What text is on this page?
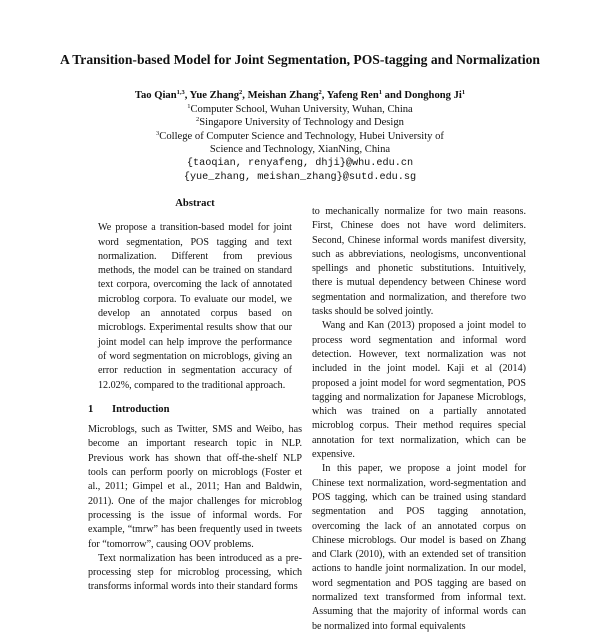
A Transition-based Model for Joint Segmentation, POS-tagging and Normalization
Tao Qian$^{1,3}$, Yue Zhang$^2$, Meishan Zhang$^2$, Yafeng Ren$^1$ and Donghong Ji$^1$
$^1$Computer School, Wuhan University, Wuhan, China
$^2$Singapore University of Technology and Design
$^3$College of Computer Science and Technology, Hubei University of
Science and Technology, XianNing, China
{taoqian, renyafeng, dhji}@whu.edu.cn
{yue_zhang, meishan_zhang}@sutd.edu.sg
Abstract

We propose a transition-based model for joint word segmentation, POS tagging and text normalization. Different from previous methods, the model can be trained on standard text corpora, overcoming the lack of annotated microblog corpora. To evaluate our model, we develop an annotated corpus based on microblogs. Experimental results show that our joint model can help improve the performance of word segmentation on microblogs, giving an error reduction in segmentation accuracy of 12.02%, compared to the traditional approach.

1 Introduction

Microblogs, such as Twitter, SMS and Weibo, has become an important research topic in NLP. Previous work has shown that off-the-shelf NLP tools can perform poorly on microblogs (Foster et al., 2011; Gimpel et al., 2011; Han and Baldwin, 2011). One of the major challenges for microblog processing is the issue of informal words. For example, “tmrw” has been frequently used in tweets for “tomorrow”, causing OOV problems.

Text normalization has been introduced as a pre-processing step for microblog processing, which transforms informal words into their standard forms

to mechanically normalize for two main reasons. First, Chinese does not have word delimiters. Second, Chinese informal words manifest diversity, such as abbreviations, neologisms, unconventional spellings and phonetic substitutions. Intuitively, there is mutual dependency between Chinese word segmentation and normalization, and therefore two tasks should be solved jointly.

Wang and Kan (2013) proposed a joint model to process word segmentation and informal word detection. However, text normalization was not included in the joint model. Kaji et al (2014) proposed a joint model for word segmentation, POS tagging and normalization for Japanese Microblogs, which was trained on a partially annotated microblog corpus. Their method requires special annotation for text normalization, which can be expensive.

In this paper, we propose a joint model for Chinese text normalization, word-segmentation and POS tagging, which can be trained using standard segmentation and POS tagging annotation, overcoming the lack of an annotated corpus on Chinese microblogs. Our model is based on Zhang and Clark (2010), with an extended set of transition actions to handle joint normalization. In our model, word segmentation and POS tagging are based on normalized text transformed from informal text. Assuming that the majority of informal words can be normalized into formal equivalents
